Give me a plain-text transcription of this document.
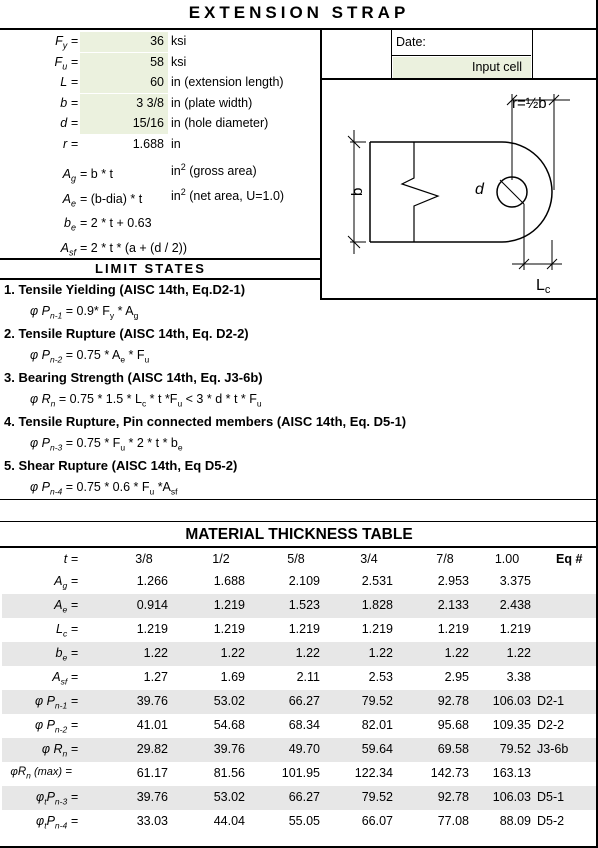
EXTENSION STRAP
Date:
Input cell
$F_y$ =	36 ksi
$F_u$ =	58 ksi
L =	60 in (extension length)
b =	3 3/8 in (plate width)
d =	15/16 in (hole diameter)
r =	1.688 in
$A_g = b * t$	$in^2$ (gross area)
$A_e = (b-dia) * t$ $in^2$ (net area, U=1.0)
$b_e = 2 * t + 0.63$
$A_{sf} = 2 * t * (a + (d / 2))$
r=½b
b	d
Lc
LIMIT STATES
1. Tensile Yielding (AISC 14th, Eq.D2-1)
φ $P_{n-1} = 0.9*$ $F_y * A_g$
2. Tensile Rupture (AISC 14th, Eq. D2-2)
φ $P_{n-2} = 0.75 * A_e * F_u$
3. Bearing Strength (AISC 14th, Eq. J3-6b)
φ $R_n = 0.75 * 1.5 * L_c * t$ $*F_u < 3 * d * t * F_u$
4. Tensile Rupture, Pin connected members (AISC 14th, Eq. D5-1)
φ $P_{n-3} = 0.75 * F_u * 2 * t * b_e$
5. Shear Rupture (AISC 14th, Eq D5-2)
φ $P_{n-4} = 0.75 * 0.6 * F_u$ $*A_{sf}$
MATERIAL THICKNESS TABLE
t =	3/8	1/2	5/8	3/4	7/8	1.00	Eq #
$A_g$ =	1.266	1.688	2.109	2.531	2.953	3.375
$A_e$ =	0.914	1.219	1.523	1.828	2.133	2.438
$L_c$ =	1.219	1.219	1.219	1.219	1.219	1.219
$b_e$ =	1.22	1.22	1.22	1.22	1.22	1.22
$A_{sf}$ =	1.27	1.69	2.11	2.53	2.95	3.38
φ $P_{n-1}$ =	39.76	53.02	66.27	79.52	92.78	106.03 D2-1
φ $P_{n-2}$ =	41.01	54.68	68.34	82.01	95.68	109.35 D2-2
φ $R_n$ =	29.82	39.76	49.70	59.64	69.58	79.52 J3-6b
$\varphi R_n$ (max) =	61.17	81.56	101.95	122.34	142.73	163.13
$\varphi_tP_{n-3}$ =	39.76	53.02	66.27	79.52	92.78	106.03 D5-1
$\varphi_tP_{n-4}$ =	33.03	44.04	55.05	66.07	77.08	88.09 D5-2
